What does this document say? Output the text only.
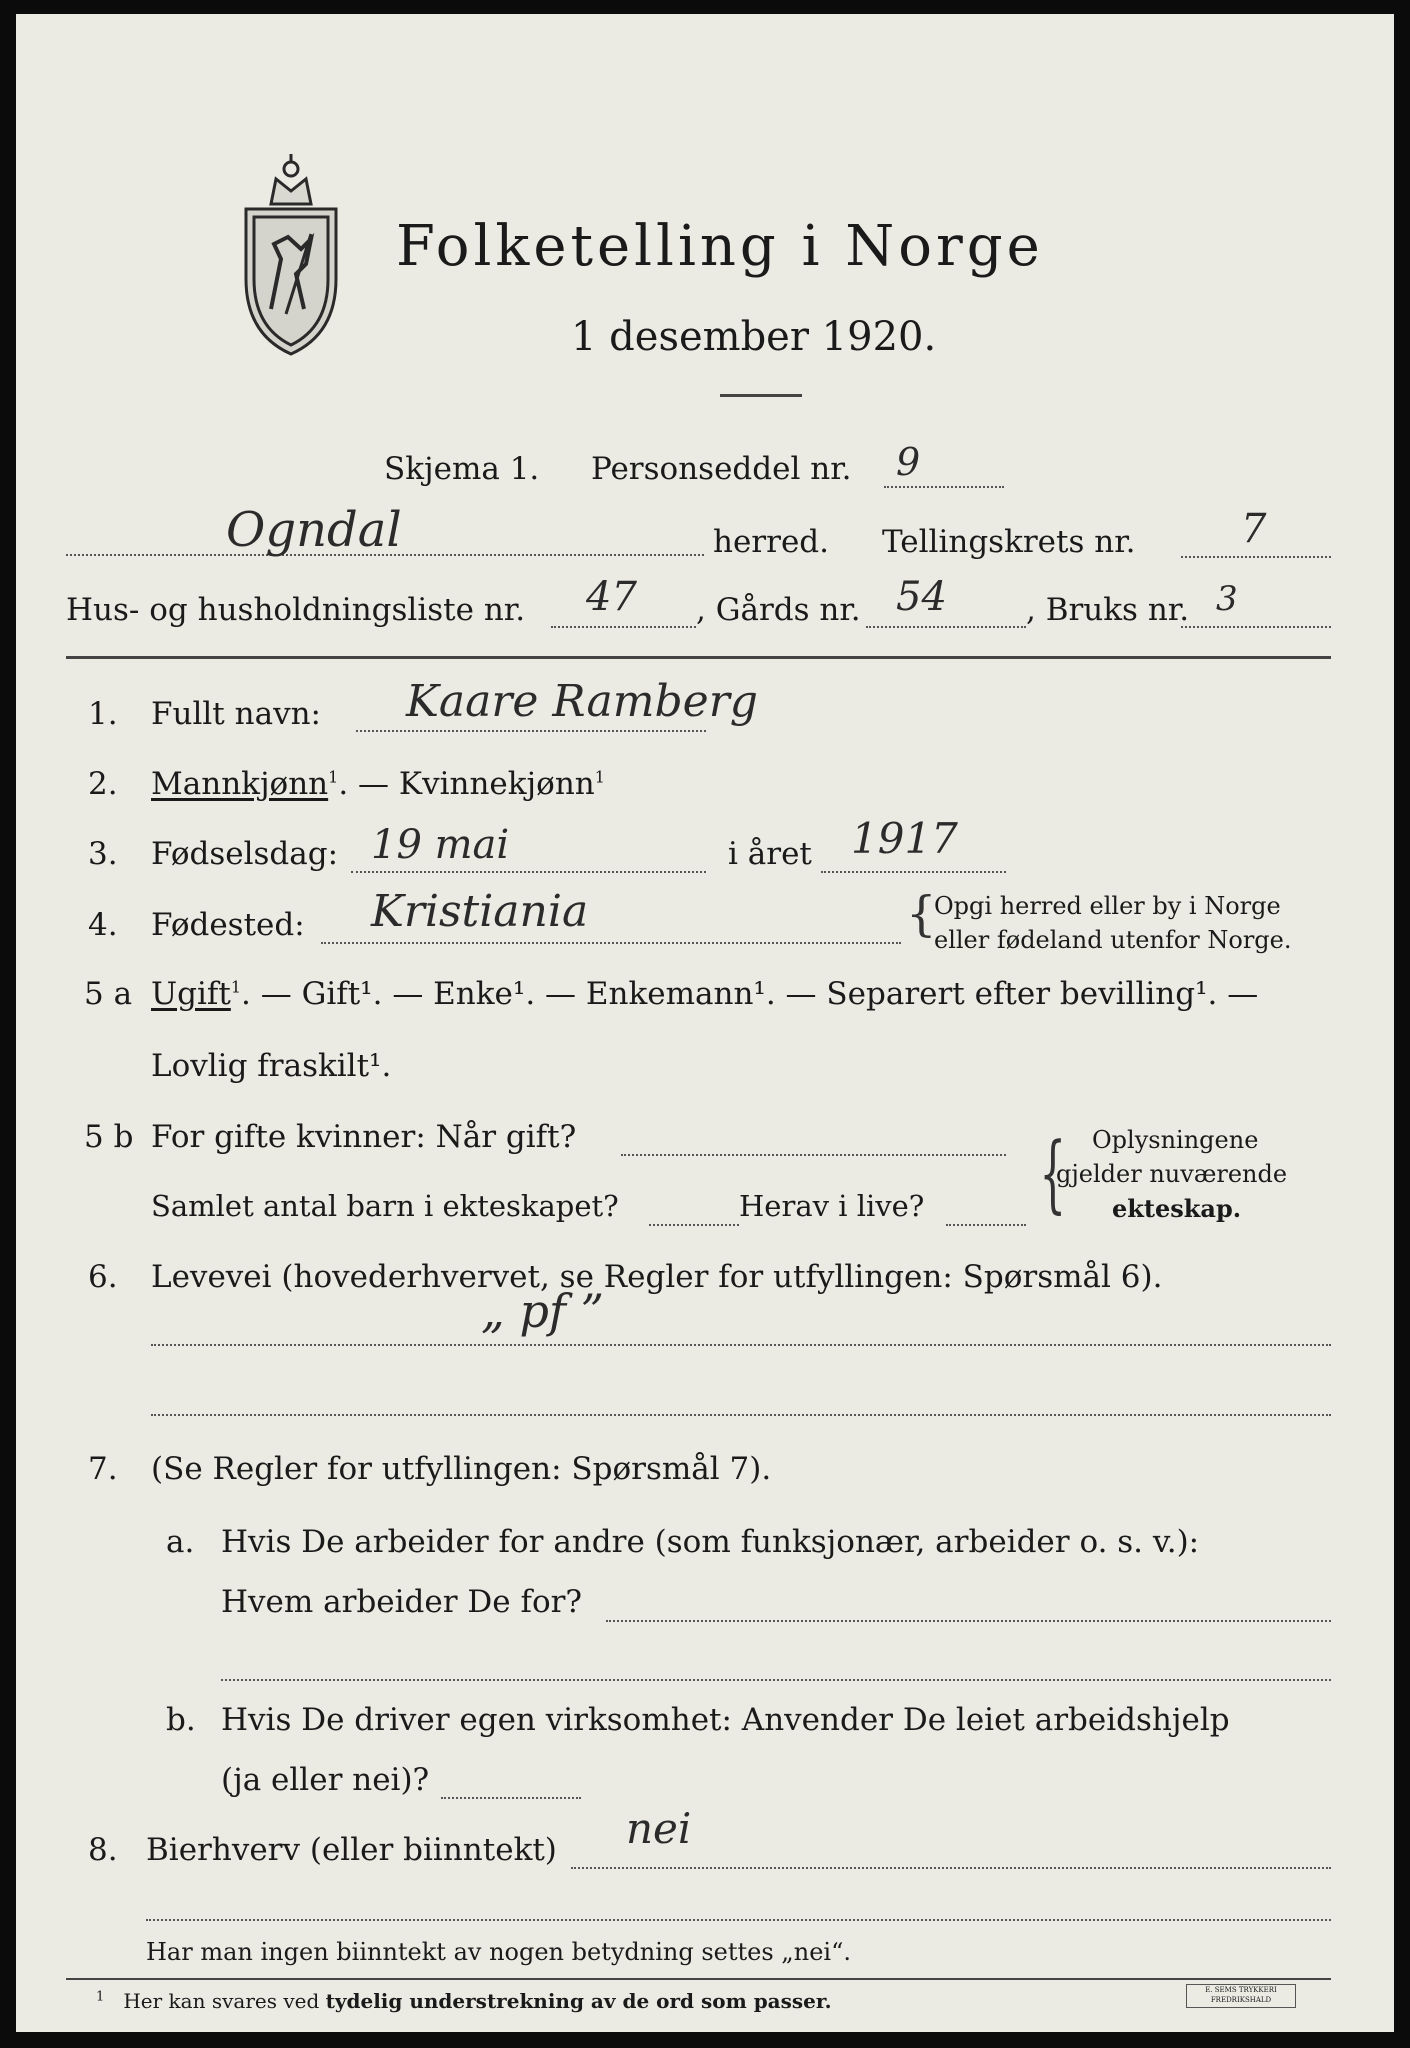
Folketelling i Norge
1 desember 1920.
Skjema 1. Personseddel nr. 9
Ogndal	herred. Tellingskrets nr.	7
Hus- og husholdningsliste nr. 47 , Gårds nr. 54	, Bruks nr. 3
1. Fullt navn: Kaare Ramberg
2. Mannkjønn$^1$. — Kvinnekjønn$^1$
3. Fødselsdag: 19 mai	i året 1917
4. Fødested: Kristiania	{
Opgi herred eller by i Norge
eller fødeland utenfor Norge.
5 a Ugift$^1$. — Gift¹. — Enke¹. — Enkemann¹. — Separert efter bevilling¹. —
Lovlig fraskilt¹.
5 b For gifte kvinner: Når gift?
Samlet antal barn i ekteskapet?	Herav i live? { Oplysningene
gjelder nuværende
ekteskap.
6. Levevei (hovederhvervet, se Regler for utfyllingen: Spørsmål 6).
„ pf ”
7. (Se Regler for utfyllingen: Spørsmål 7).
a. Hvis De arbeider for andre (som funksjonær, arbeider o. s. v.):
Hvem arbeider De for?
b. Hvis De driver egen virksomhet: Anvender De leiet arbeidshjelp
(ja eller nei)?
8. Bierhverv (eller biinntekt) nei
Har man ingen biinntekt av nogen betydning settes „nei“.
$^1$ Her kan svares ved tydelig understrekning av de ord som passer.	E. SEMS TRYKKERI FREDRIKSHALD
